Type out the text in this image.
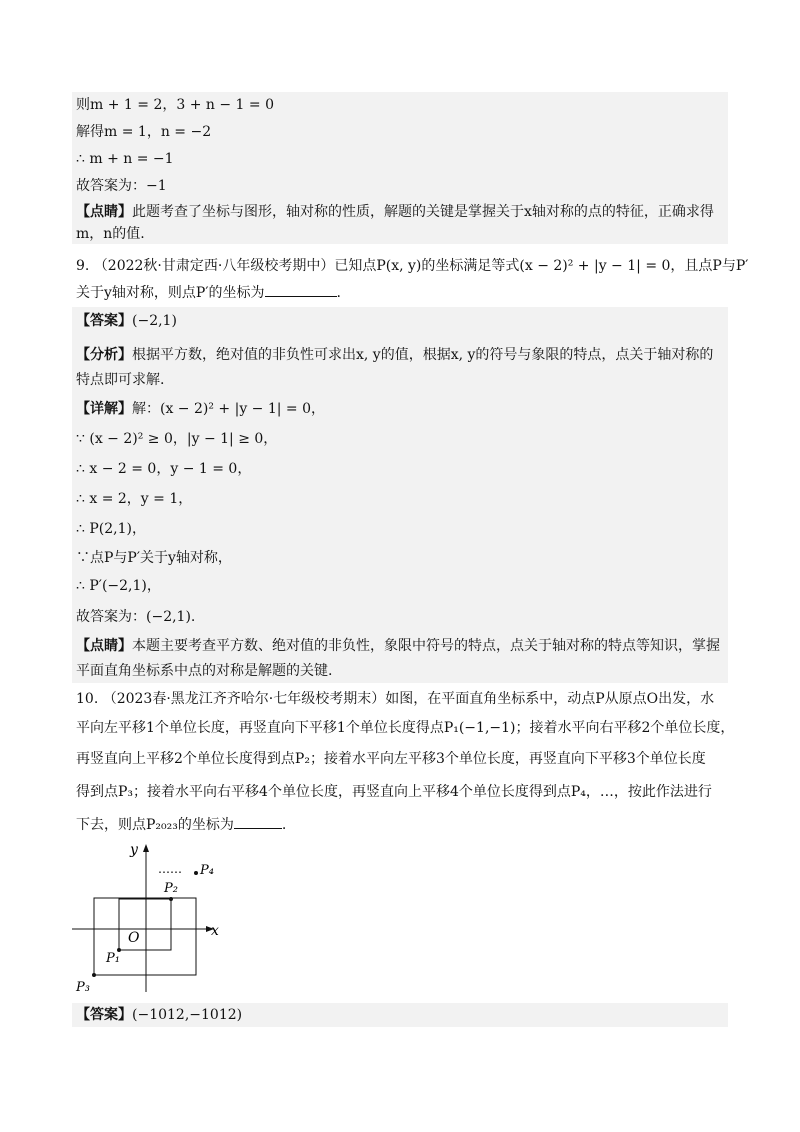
则m + 1 = 2，3 + n − 1 = 0
解得m = 1，n = −2
∴ m + n = −1
故答案为：−1
【点睛】此题考查了坐标与图形，轴对称的性质，解题的关键是掌握关于x轴对称的点的特征，正确求得
m，n的值.
9. （2022秋·甘肃定西·八年级校考期中）已知点P(x, y)的坐标满足等式(x − 2)² + |y − 1| = 0，且点P与P′
关于y轴对称，则点P′的坐标为	.
【答案】(−2,1)
【分析】根据平方数，绝对值的非负性可求出x, y的值，根据x, y的符号与象限的特点，点关于轴对称的
特点即可求解.
【详解】解：(x − 2)² + |y − 1| = 0，
∵ (x − 2)² ≥ 0，|y − 1| ≥ 0，
∴ x − 2 = 0，y − 1 = 0，
∴ x = 2，y = 1，
∴ P(2,1)，
∵点P与P′关于y轴对称，
∴ P′(−2,1)，
故答案为：(−2,1).
【点睛】本题主要考查平方数、绝对值的非负性，象限中符号的特点，点关于轴对称的特点等知识，掌握
平面直角坐标系中点的对称是解题的关键.
10. （2023春·黑龙江齐齐哈尔·七年级校考期末）如图，在平面直角坐标系中，动点P从原点O出发，水
平向左平移1个单位长度，再竖直向下平移1个单位长度得点P₁(−1,−1)；接着水平向右平移2个单位长度，
再竖直向上平移2个单位长度得到点P₂；接着水平向左平移3个单位长度，再竖直向下平移3个单位长度
得到点P₃；接着水平向右平移4个单位长度，再竖直向上平移4个单位长度得到点P₄，…，按此作法进行
下去，则点P₂₀₂₃的坐标为	.
y
x
O
P₁
P₂
P₃
P₄
……
【答案】(−1012,−1012)
